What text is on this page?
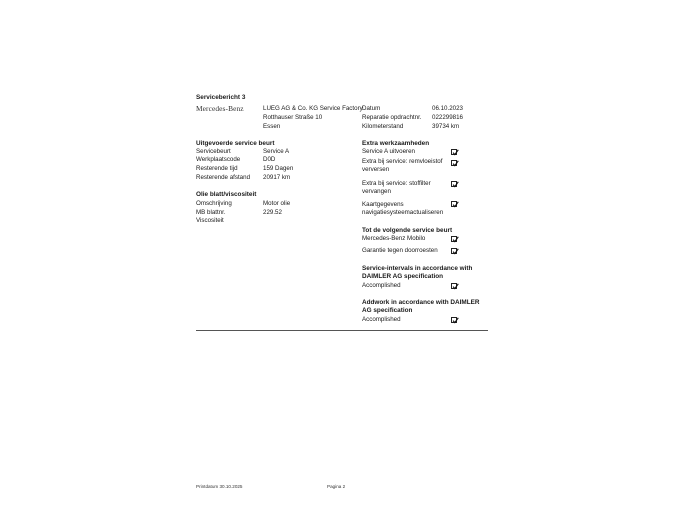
Servicebericht 3
Mercedes-Benz	LUEG AG & Co. KG Service Factory
Rotthauser Straße 10
Essen
Datum	06.10.2023
Reparatie opdrachtnr. 022299816
Kilometerstand	39734 km
Uitgevoerde service beurt
Servicebeurt	Service A
Werkplaatscode	D0D
Resterende tijd	159 Dagen
Resterende afstand 20917 km
Olie blatt/viscositeit
Omschrijving	Motor olie
MB blattnr.	229.52
Viscositeit
Extra werkzaamheden
Service A uitvoeren
Extra bij service: remvloeistof verversen
Extra bij service: stoffilter vervangen
Kaartgegevens navigatiesysteemactualiseren
Tot de volgende service beurt
Mercedes-Benz Mobilo
Garantie tegen doorroesten
Service-intervals in accordance with DAIMLER AG specification
Accomplished
Addwork in accordance with DAIMLER AG specification
Accomplished
Printdatum 30.10.2025	Pagina 2
